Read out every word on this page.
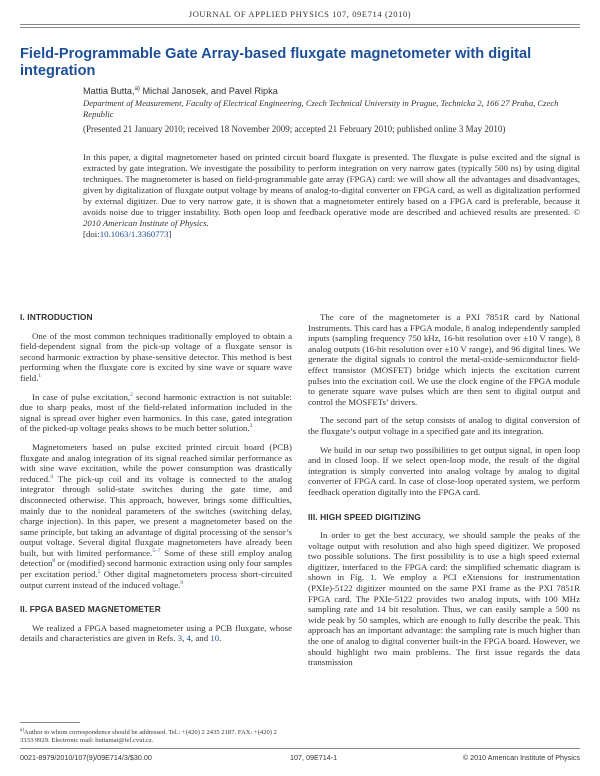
JOURNAL OF APPLIED PHYSICS 107, 09E714 (2010)
Field-Programmable Gate Array-based fluxgate magnetometer with digital integration
Mattia Butta,$^{a)}$ Michal Janosek, and Pavel Ripka
Department of Measurement, Faculty of Electrical Engineering, Czech Technical University in Prague, Technicka 2, 166 27 Praha, Czech Republic
(Presented 21 January 2010; received 18 November 2009; accepted 21 February 2010; published online 3 May 2010)
In this paper, a digital magnetometer based on printed circuit board fluxgate is presented. The fluxgate is pulse excited and the signal is extracted by gate integration. We investigate the possibility to perform integration on very narrow gates (typically 500 ns) by using digital techniques. The magnetometer is based on field-programmable gate array (FPGA) card: we will show all the advantages and disadvantages, given by digitalization of fluxgate output voltage by means of analog-to-digital converter on FPGA card, as well as digitalization performed by external digitizer. Due to very narrow gate, it is shown that a magnetometer entirely based on a FPGA card is preferable, because it avoids noise due to trigger instability. Both open loop and feedback operative mode are described and achieved results are presented. © 2010 American Institute of Physics.
[doi:10.1063/1.3360773]

I. INTRODUCTION

One of the most common techniques traditionally employed to obtain a field-dependent signal from the pick-up voltage of a fluxgate sensor is second harmonic extraction by phase-sensitive detector. This method is best performing when the fluxgate core is excited by sine wave or square wave field.$^1$

In case of pulse excitation,$^2$ second harmonic extraction is not suitable: due to sharp peaks, most of the field-related information included in the signal is spread over higher even harmonics. In this case, gated integration of the picked-up voltage peaks shows to be much better solution.$^3$

Magnetometers based on pulse excited printed circuit board (PCB) fluxgate and analog integration of its signal reached similar performance as with sine wave excitation, while the power consumption was drastically reduced.$^4$ The pick-up coil and its voltage is connected to the analog integrator through solid-state switches during the gate time, and disconnected otherwise. This approach, however, brings some difficulties, mainly due to the nonideal parameters of the switches (switching delay, charge injection). In this paper, we present a magnetometer based on the same principle, but taking an advantage of digital processing of the sensor’s output voltage. Several digital fluxgate magnetometers have already been built, but with limited performance.$^{5-7}$ Some of these still employ analog detection$^8$ or (modified) second harmonic extraction using only four samples per excitation period.$^5$ Other digital magnetometers process short-circuited output current instead of the induced voltage.$^9$

II. FPGA BASED MAGNETOMETER

We realized a FPGA based magnetometer using a PCB fluxgate, whose details and characteristics are given in Refs. 3, 4, and 10.

The core of the magnetometer is a PXI 7851R card by National Instruments. This card has a FPGA module, 8 analog independently sampled inputs (sampling frequency 750 kHz, 16-bit resolution over ±10 V range), 8 analog outputs (16-bit resolution over ±10 V range), and 96 digital lines. We generate the digital signals to control the metal-oxide-semiconductor field-effect transistor (MOSFET) bridge which injects the excitation current pulses into the excitation coil. We use the clock engine of the FPGA module to generate square wave pulses which are then sent to digital output and control the MOSFETs’ drivers.

The second part of the setup consists of analog to digital conversion of the fluxgate’s output voltage in a specified gate and its integration.

We build in our setup two possibilities to get output signal, in open loop and in closed loop. If we select open-loop mode, the result of the digital integration is simply converted into analog voltage by analog to digital converter of FPGA card. In case of close-loop operated system, we perform feedback operation digitally into the FPGA card.

III. HIGH SPEED DIGITIZING

In order to get the best accuracy, we should sample the peaks of the voltage output with resolution and also high speed digitizer. We proposed two possible solutions. The first possibility is to use a high speed external digitizer, interfaced to the FPGA card: the simplified schematic diagram is shown in Fig. 1. We employ a PCI eXtensions for instrumentation (PXIe)-5122 digitizer mounted on the same PXI frame as the PXI 7851R FPGA card. The PXIe-5122 provides two analog inputs, with 100 MHz sampling rate and 14 bit resolution. Thus, we can easily sample a 500 ns wide peak by 50 samples, which are enough to fully describe the peak. This approach has an important advantage: the sampling rate is much higher than the one of analog to digital converter built-in the FPGA board. However, we should highlight two main problems. The first issue regards the data transmission

$^{a)}$Author to whom correspondence should be addressed. Tel.: +(420) 2 2435 2187. FAX: +(420) 2 3333 9929. Electronic mail: buttamat@fel.cvut.cz.
0021-8979/2010/107(9)/09E714/3/$30.00	107, 09E714-1	© 2010 American Institute of Physics
